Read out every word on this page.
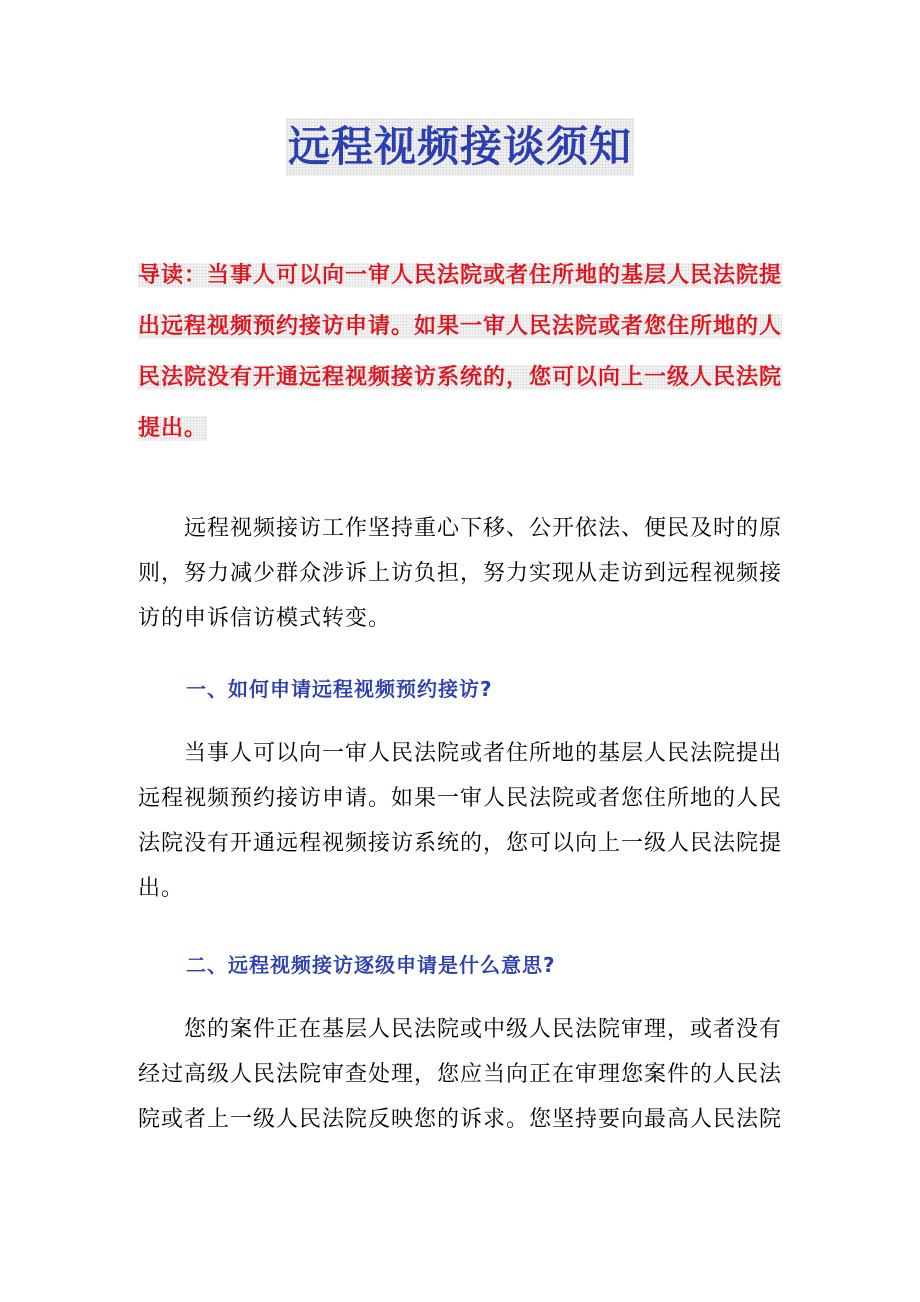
远程视频接谈须知
导读：当事人可以向一审人民法院或者住所地的基层人民法院提出远程视频预约接访申请。如果一审人民法院或者您住所地的人民法院没有开通远程视频接访系统的，您可以向上一级人民法院提出。

远程视频接访工作坚持重心下移、公开依法、便民及时的原则，努力减少群众涉诉上访负担，努力实现从走访到远程视频接访的申诉信访模式转变。

一、如何申请远程视频预约接访?

当事人可以向一审人民法院或者住所地的基层人民法院提出远程视频预约接访申请。如果一审人民法院或者您住所地的人民法院没有开通远程视频接访系统的，您可以向上一级人民法院提出。

二、远程视频接访逐级申请是什么意思?

您的案件正在基层人民法院或中级人民法院审理，或者没有经过高级人民法院审查处理，您应当向正在审理您案件的人民法院或者上一级人民法院反映您的诉求。您坚持要向最高人民法院
